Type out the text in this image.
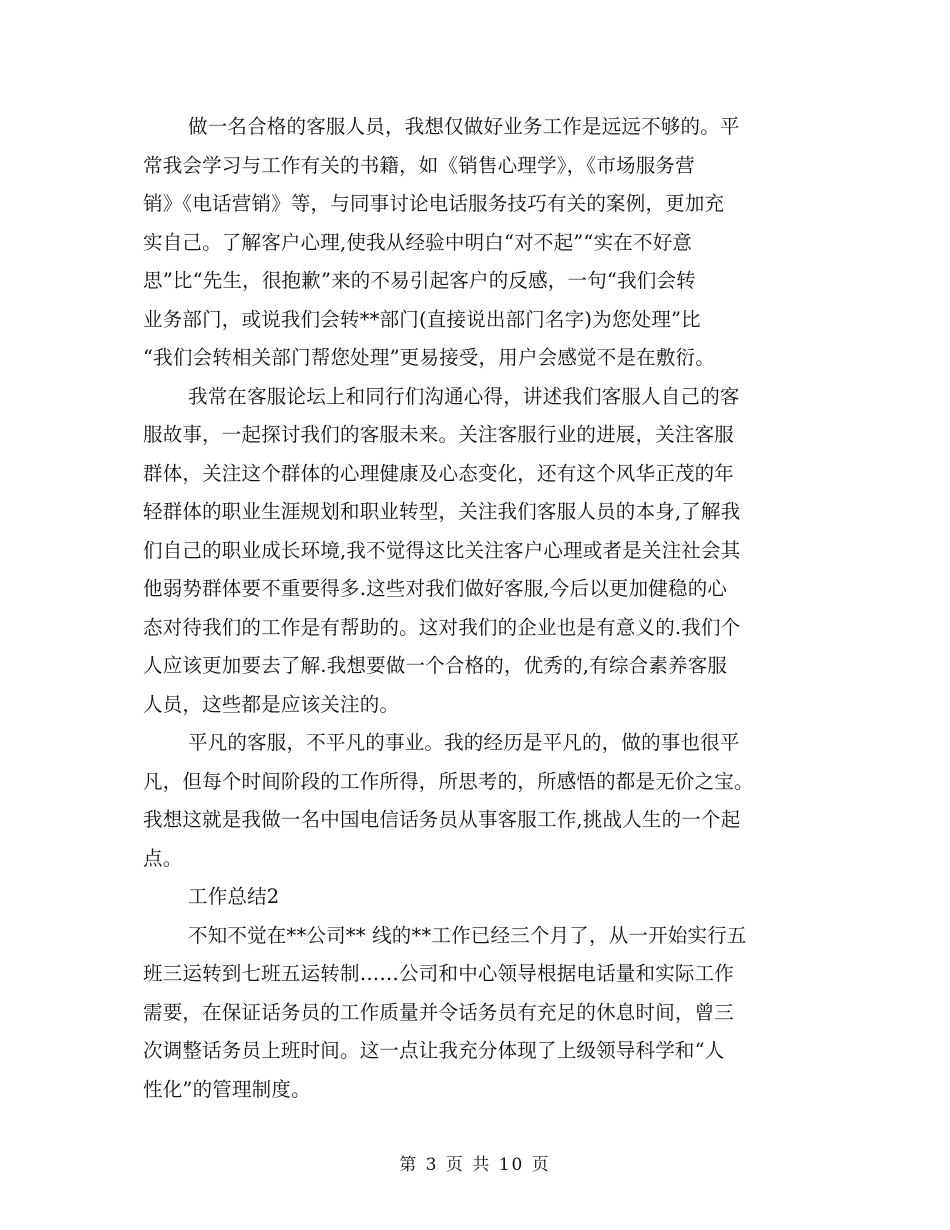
做一名合格的客服人员，我想仅做好业务工作是远远不够的。平
常我会学习与工作有关的书籍，如《销售心理学》，《市场服务营
销》《电话营销》等，与同事讨论电话服务技巧有关的案例，更加充
实自己。了解客户心理,使我从经验中明白“对不起”“实在不好意
思”比“先生，很抱歉”来的不易引起客户的反感，一句“我们会转
业务部门，或说我们会转**部门(直接说出部门名字)为您处理”比
“我们会转相关部门帮您处理”更易接受，用户会感觉不是在敷衍。
我常在客服论坛上和同行们沟通心得，讲述我们客服人自己的客
服故事，一起探讨我们的客服未来。关注客服行业的进展，关注客服
群体，关注这个群体的心理健康及心态变化，还有这个风华正茂的年
轻群体的职业生涯规划和职业转型，关注我们客服人员的本身,了解我
们自己的职业成长环境,我不觉得这比关注客户心理或者是关注社会其
他弱势群体要不重要得多.这些对我们做好客服,今后以更加健稳的心
态对待我们的工作是有帮助的。这对我们的企业也是有意义的.我们个
人应该更加要去了解.我想要做一个合格的，优秀的,有综合素养客服
人员，这些都是应该关注的。
平凡的客服，不平凡的事业。我的经历是平凡的，做的事也很平
凡，但每个时间阶段的工作所得，所思考的，所感悟的都是无价之宝。
我想这就是我做一名中国电信话务员从事客服工作,挑战人生的一个起
点。
工作总结2
不知不觉在**公司** 线的**工作已经三个月了，从一开始实行五
班三运转到七班五运转制……公司和中心领导根据电话量和实际工作
需要，在保证话务员的工作质量并令话务员有充足的休息时间，曾三
次调整话务员上班时间。这一点让我充分体现了上级领导科学和“人
性化”的管理制度。
第 3 页 共 10 页
